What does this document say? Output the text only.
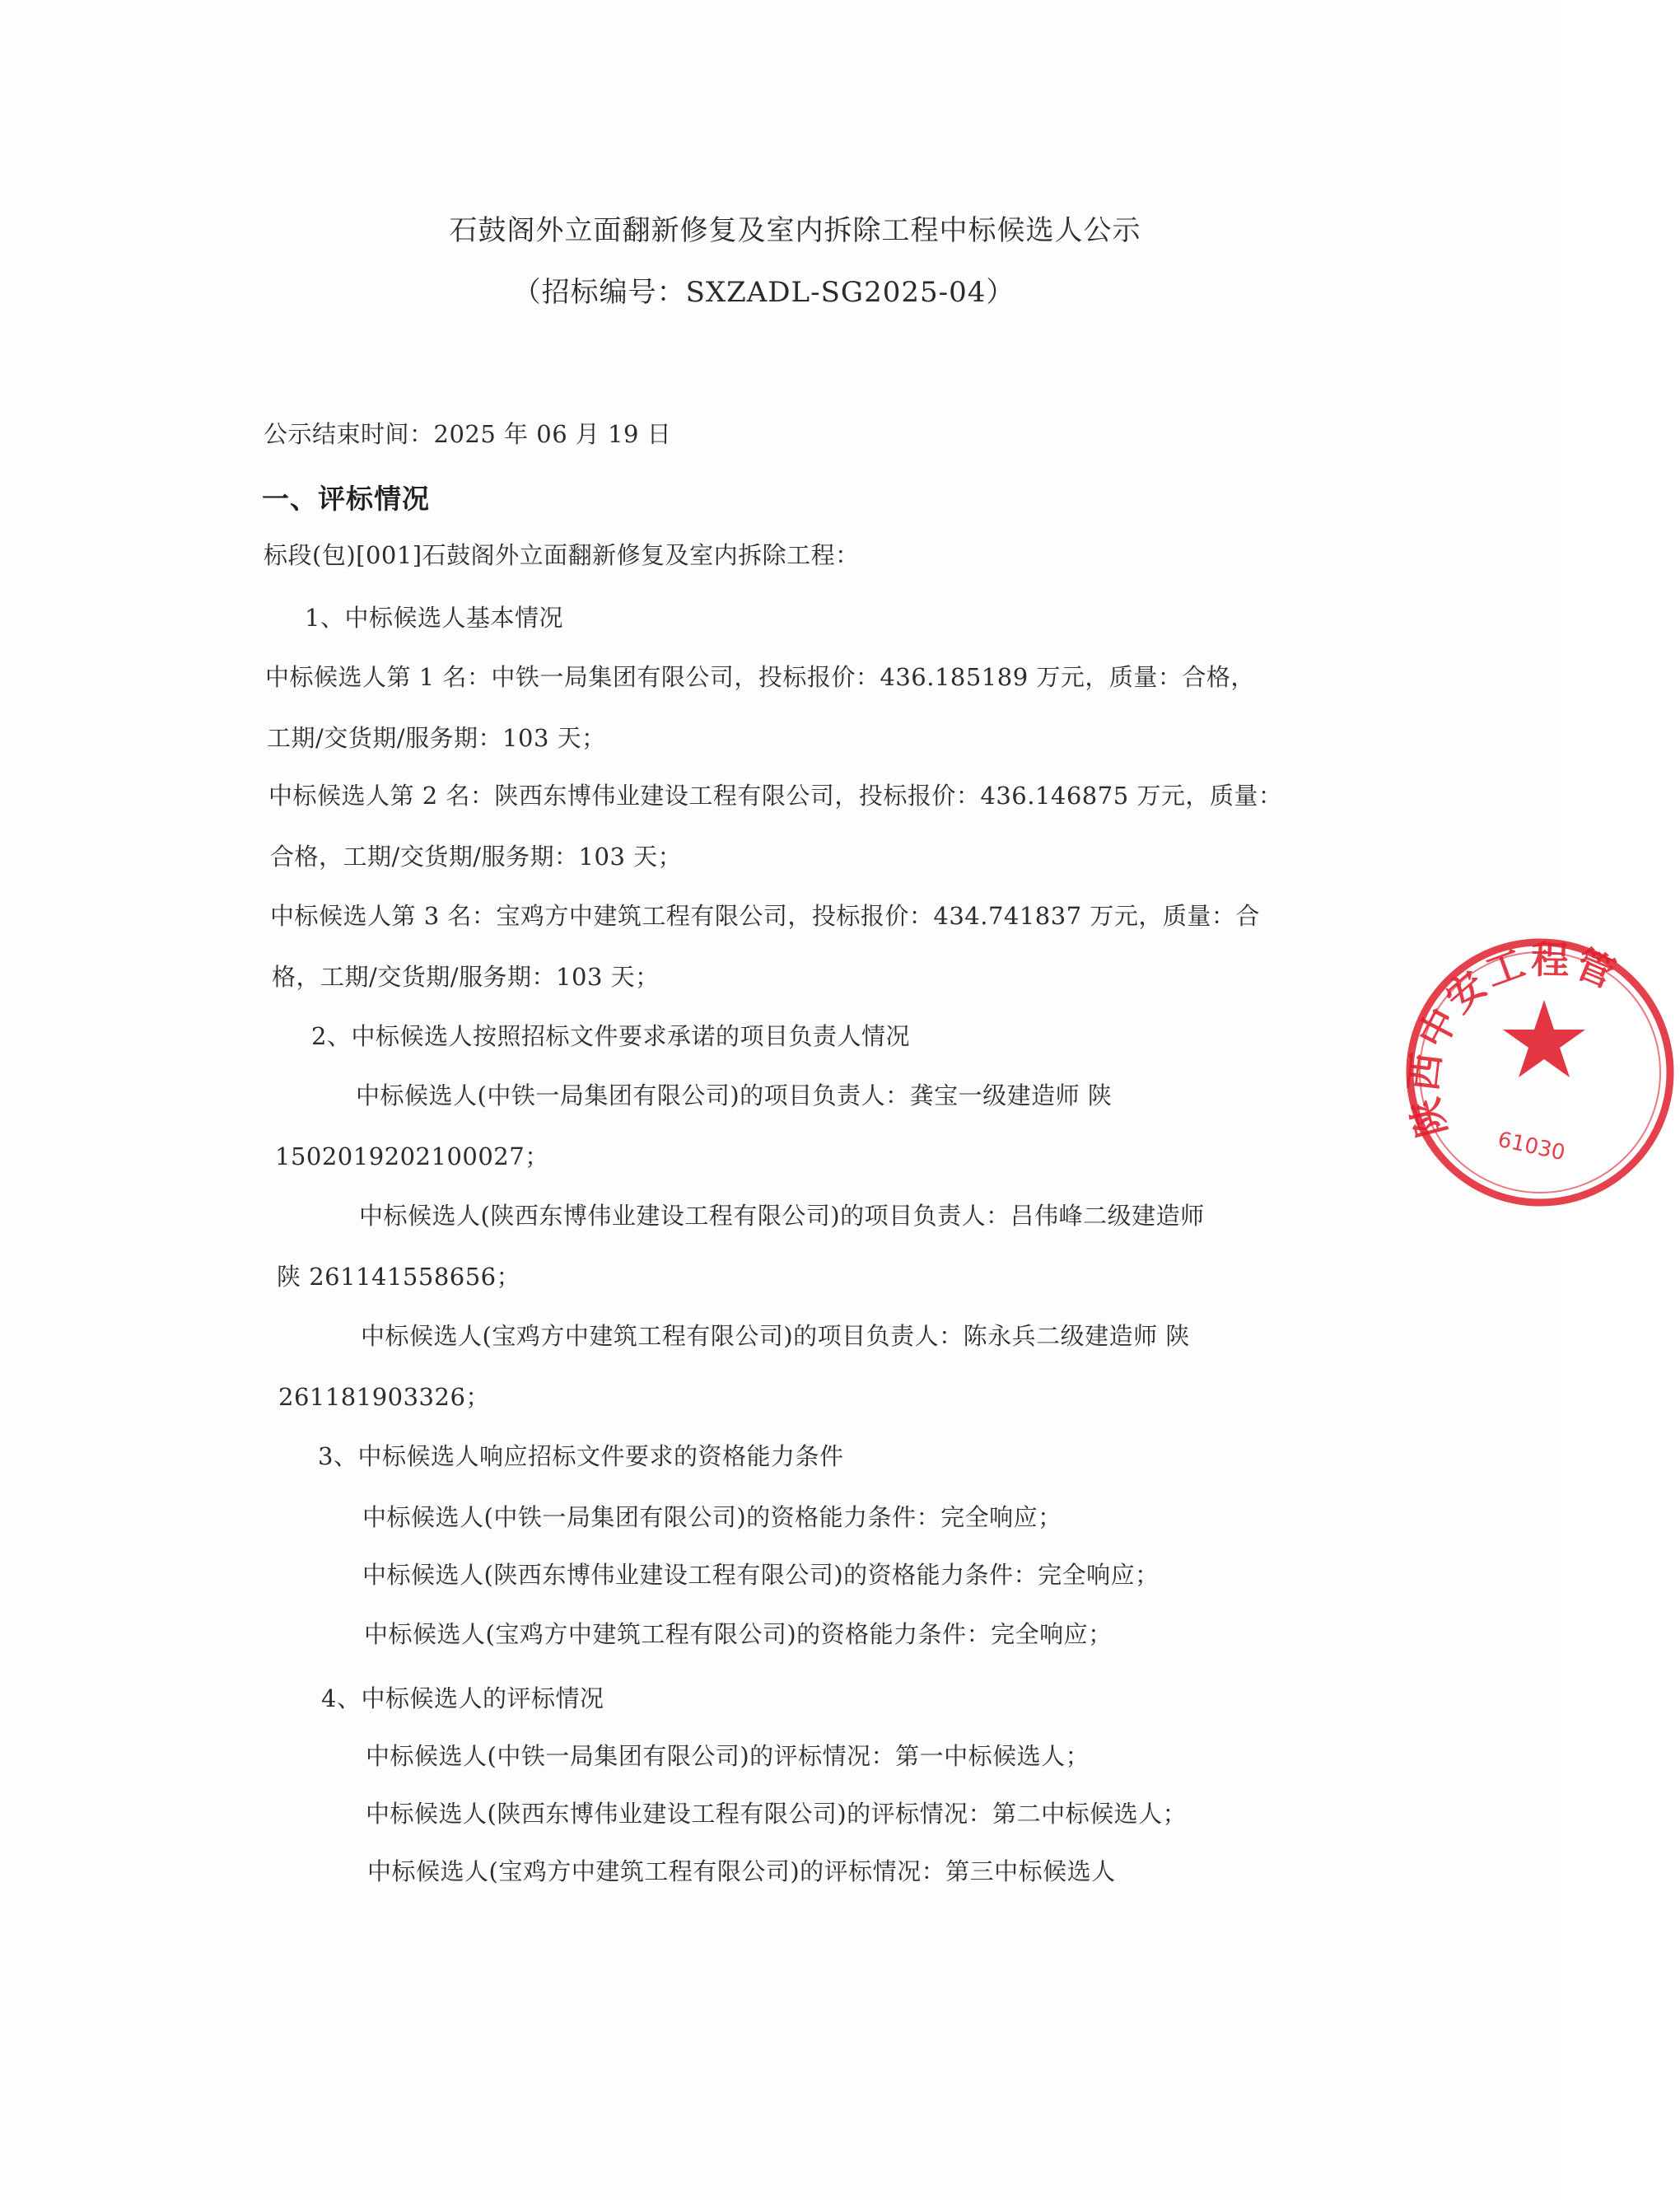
石鼓阁外立面翻新修复及室内拆除工程中标候选人公示
（招标编号：SXZADL-SG2025-04）
公示结束时间：2025 年 06 月 19 日
一、评标情况
标段(包)[001]石鼓阁外立面翻新修复及室内拆除工程：
1、中标候选人基本情况
中标候选人第 1 名：中铁一局集团有限公司，投标报价：436.185189 万元，质量：合格，
工期/交货期/服务期：103 天；
中标候选人第 2 名：陕西东博伟业建设工程有限公司，投标报价：436.146875 万元，质量：
合格，工期/交货期/服务期：103 天；
中标候选人第 3 名：宝鸡方中建筑工程有限公司，投标报价：434.741837 万元，质量：合
格，工期/交货期/服务期：103 天；
2、中标候选人按照招标文件要求承诺的项目负责人情况
中标候选人(中铁一局集团有限公司)的项目负责人：龚宝一级建造师 陕
1502019202100027；
中标候选人(陕西东博伟业建设工程有限公司)的项目负责人：吕伟峰二级建造师
陕 261141558656；
中标候选人(宝鸡方中建筑工程有限公司)的项目负责人：陈永兵二级建造师 陕
261181903326；
3、中标候选人响应招标文件要求的资格能力条件
中标候选人(中铁一局集团有限公司)的资格能力条件：完全响应；
中标候选人(陕西东博伟业建设工程有限公司)的资格能力条件：完全响应；
中标候选人(宝鸡方中建筑工程有限公司)的资格能力条件：完全响应；
4、中标候选人的评标情况
中标候选人(中铁一局集团有限公司)的评标情况：第一中标候选人；
中标候选人(陕西东博伟业建设工程有限公司)的评标情况：第二中标候选人；
中标候选人(宝鸡方中建筑工程有限公司)的评标情况：第三中标候选人
陕西中安工程管
61030
